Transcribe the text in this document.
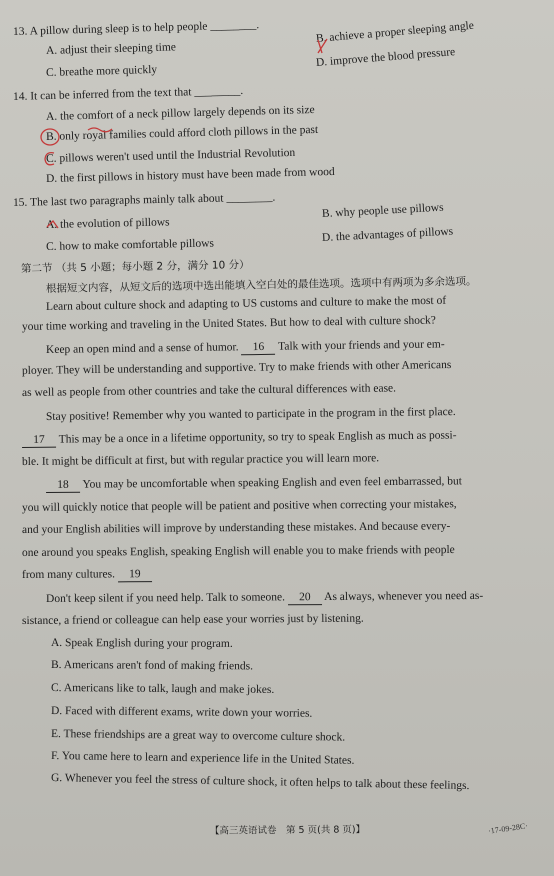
13. A pillow during sleep is to help people ________.
A. adjust their sleeping time
B. achieve a proper sleeping angle
C. breathe more quickly
D. improve the blood pressure
14. It can be inferred from the text that ________.
A. the comfort of a neck pillow largely depends on its size
B. only royal families could afford cloth pillows in the past
C. pillows weren't used until the Industrial Revolution
D. the first pillows in history must have been made from wood
15. The last two paragraphs mainly talk about ________.
A. the evolution of pillows
B. why people use pillows
C. how to make comfortable pillows
D. the advantages of pillows
第二节 （共 5 小题；每小题 2 分，满分 10 分）
根据短文内容，从短文后的选项中选出能填入空白处的最佳选项。选项中有两项为多余选项。
Learn about culture shock and adapting to US customs and culture to make the most of
your time working and traveling in the United States. But how to deal with culture shock?
Keep an open mind and a sense of humor. 16 Talk with your friends and your em-
ployer. They will be understanding and supportive. Try to make friends with other Americans
as well as people from other countries and take the cultural differences with ease.
Stay positive! Remember why you wanted to participate in the program in the first place.
17 This may be a once in a lifetime opportunity, so try to speak English as much as possi-
ble. It might be difficult at first, but with regular practice you will learn more.
18 You may be uncomfortable when speaking English and even feel embarrassed, but
you will quickly notice that people will be patient and positive when correcting your mistakes,
and your English abilities will improve by understanding these mistakes. And because every-
one around you speaks English, speaking English will enable you to make friends with people
from many cultures. 19
Don't keep silent if you need help. Talk to someone. 20 As always, whenever you need as-
sistance, a friend or colleague can help ease your worries just by listening.
A. Speak English during your program.
B. Americans aren't fond of making friends.
C. Americans like to talk, laugh and make jokes.
D. Faced with different exams, write down your worries.
E. These friendships are a great way to overcome culture shock.
F. You came here to learn and experience life in the United States.
G. Whenever you feel the stress of culture shock, it often helps to talk about these feelings.
【高三英语试卷　第 5 页(共 8 页)】	·17-09-28C·
